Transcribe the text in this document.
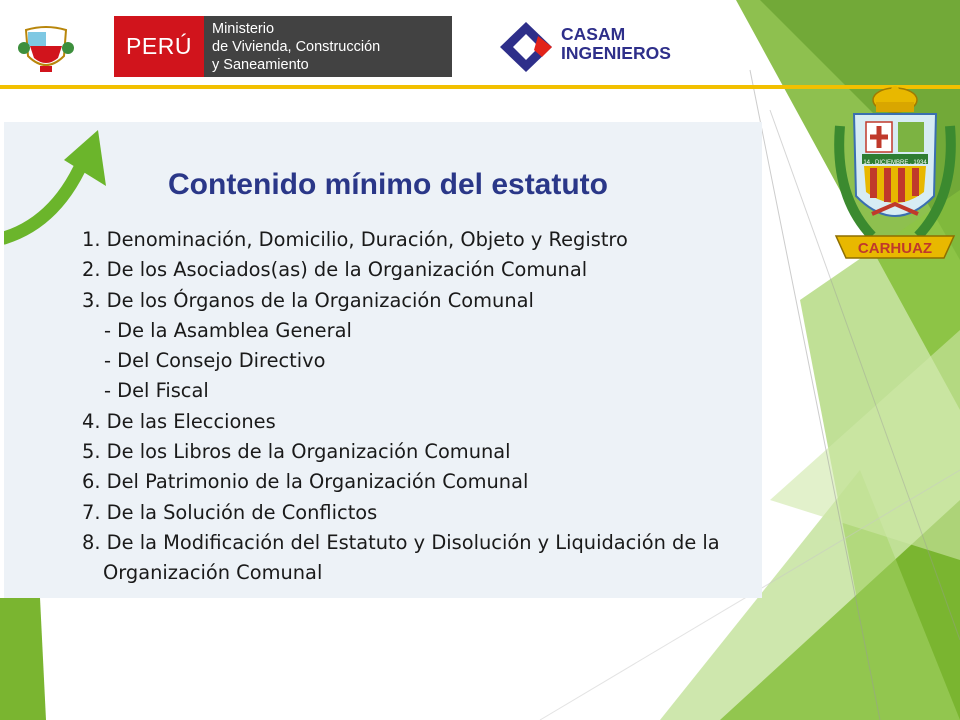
PERÚ
Ministerio
de Vivienda, Construcción
y Saneamiento
CASAM
INGENIEROS
Contenido mínimo del estatuto
1. Denominación, Domicilio, Duración, Objeto y Registro
2. De los Asociados(as) de la Organización Comunal
3. De los Órganos de la Organización Comunal
- De la Asamblea General
- Del Consejo Directivo
- Del Fiscal
4. De las Elecciones
5. De los Libros de la Organización Comunal
6. Del Patrimonio de la Organización Comunal
7. De la Solución de Conflictos
8. De la Modificación del Estatuto y Disolución y Liquidación de la
Organización Comunal
14 . DICIEMBRE . 1934
CARHUAZ
